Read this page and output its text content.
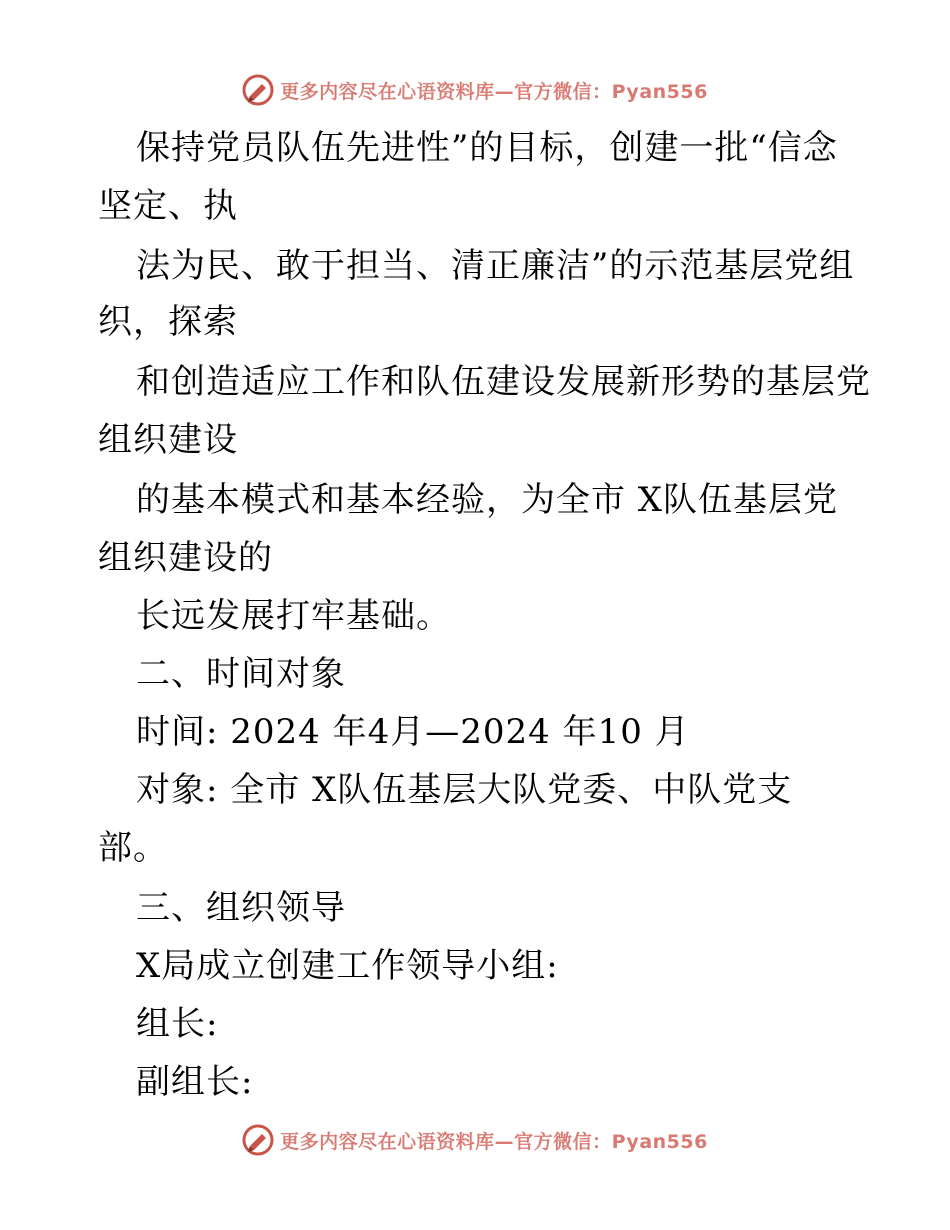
更多内容尽在心语资料库—官方微信：Pyan556
保持党员队伍先进性”的目标，创建一批“信念
坚定、执
法为民、敢于担当、清正廉洁”的示范基层党组
织，探索
和创造适应工作和队伍建设发展新形势的基层党
组织建设
的基本模式和基本经验，为全市 X队伍基层党
组织建设的
长远发展打牢基础。
二、时间对象
时间: 2024 年4月—2024 年10 月
对象: 全市 X队伍基层大队党委、中队党支
部。
三、组织领导
X局成立创建工作领导小组:
组长:
副组长:
更多内容尽在心语资料库—官方微信：Pyan556
